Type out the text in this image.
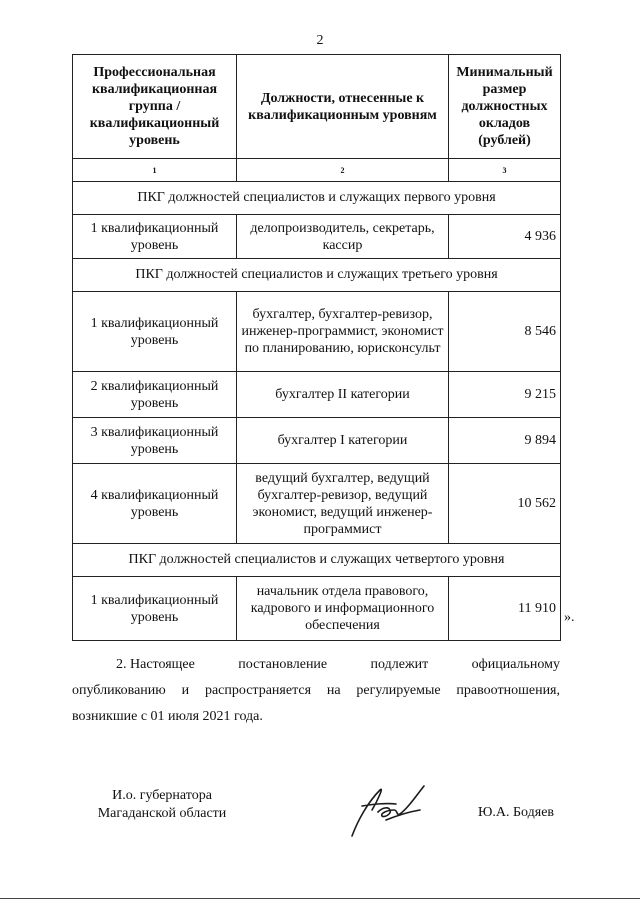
2
Профессиональная квалификационная группа / квалификационный уровень	Должности, отнесенные к квалификационным уровням	Минимальный размер должностных окладов (рублей)
1	2	3
ПКГ должностей специалистов и служащих первого уровня		
1 квалификационный уровень	делопроизводитель, секретарь, кассир	4 936
ПКГ должностей специалистов и служащих третьего уровня		
1 квалификационный уровень	бухгалтер, бухгалтер-ревизор, инженер-программист, экономист по планированию, юрисконсульт	8 546
2 квалификационный уровень	бухгалтер II категории	9 215
3 квалификационный уровень	бухгалтер I категории	9 894
4 квалификационный уровень	ведущий бухгалтер, ведущий бухгалтер-ревизор, ведущий экономист, ведущий инженер-программист	10 562
ПКГ должностей специалистов и служащих четвертого уровня		
1 квалификационный уровень	начальник отдела правового, кадрового и информационного обеспечения	11 910
».
2. Настоящее	постановление	подлежит	официальному
опубликованию и распространяется на регулируемые правоотношения,
возникшие с 01 июля 2021 года.
И.о. губернатора
Магаданской области	Ю.А. Бодяев
